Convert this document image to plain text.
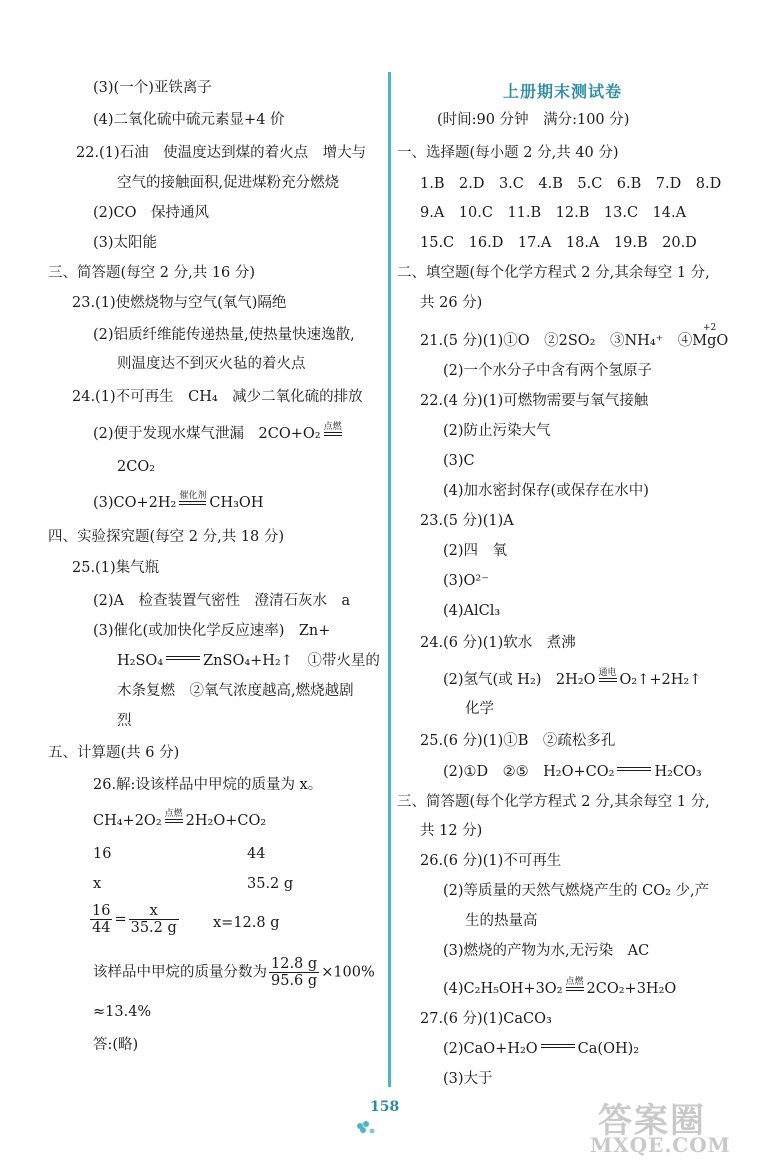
(3)(一个)亚铁离子
(4)二氧化硫中硫元素显+4 价
22.(1)石油　使温度达到煤的着火点　增大与
空气的接触面积,促进煤粉充分燃烧
(2)CO　保持通风
(3)太阳能
三、简答题(每空 2 分,共 16 分)
23.(1)使燃烧物与空气(氧气)隔绝
(2)铝质纤维能传递热量,使热量快速逸散,
则温度达不到灭火毡的着火点
24.(1)不可再生　CH₄　减少二氧化硫的排放
(2)便于发现水煤气泄漏　2CO+O₂ 点燃
2CO₂
(3)CO+2H₂ 催化剂 CH₃OH
四、实验探究题(每空 2 分,共 18 分)
25.(1)集气瓶
(2)A　检查装置气密性　澄清石灰水　a
(3)催化(或加快化学反应速率)　Zn+
H₂SO₄	ZnSO₄+H₂↑　①带火星的
木条复燃　②氧气浓度越高,燃烧越剧
烈
五、计算题(共 6 分)
26.解:设该样品中甲烷的质量为 x。
CH₄+2O₂ 点燃 2H₂O+CO₂
16	44
x	35.2 g
$\frac{16}{44} = \frac{x}{35.2 g} x=12.8$ g
该样品中甲烷的质量分数为 $\frac{12.8 g}{95.6 g} \times 100\%$
≈13.4%
答:(略)
上册期末测试卷
(时间:90 分钟　满分:100 分)
一、选择题(每小题 2 分,共 40 分)
1.B　2.D　3.C　4.B　5.C　6.B　7.D　8.D
9.A　10.C　11.B　12.B　13.C　14.A
15.C　16.D　17.A　18.A　19.B　20.D
二、填空题(每个化学方程式 2 分,其余每空 1 分,
共 26 分)
21.(5 分)(1)①O　②2SO₂　③NH₄⁺　④MgO
+2
(2)一个水分子中含有两个氢原子
22.(4 分)(1)可燃物需要与氧气接触
(2)防止污染大气
(3)C
(4)加水密封保存(或保存在水中)
23.(5 分)(1)A
(2)四　氧
(3)O²⁻
(4)AlCl₃
24.(6 分)(1)软水　煮沸
(2)氢气(或 H₂)　2H₂O 通电 O₂↑+2H₂↑
化学
25.(6 分)(1)①B　②疏松多孔
(2)①D　②⑤　H₂O+CO₂	H₂CO₃
三、简答题(每个化学方程式 2 分,其余每空 1 分,
共 12 分)
26.(6 分)(1)不可再生
(2)等质量的天然气燃烧产生的 CO₂ 少,产
生的热量高
(3)燃烧的产物为水,无污染　AC
(4)C₂H₅OH+3O₂ 点燃 2CO₂+3H₂O
27.(6 分)(1)CaCO₃
(2)CaO+H₂O	Ca(OH)₂
(3)大于
158	答案圈
MXQE.COM
